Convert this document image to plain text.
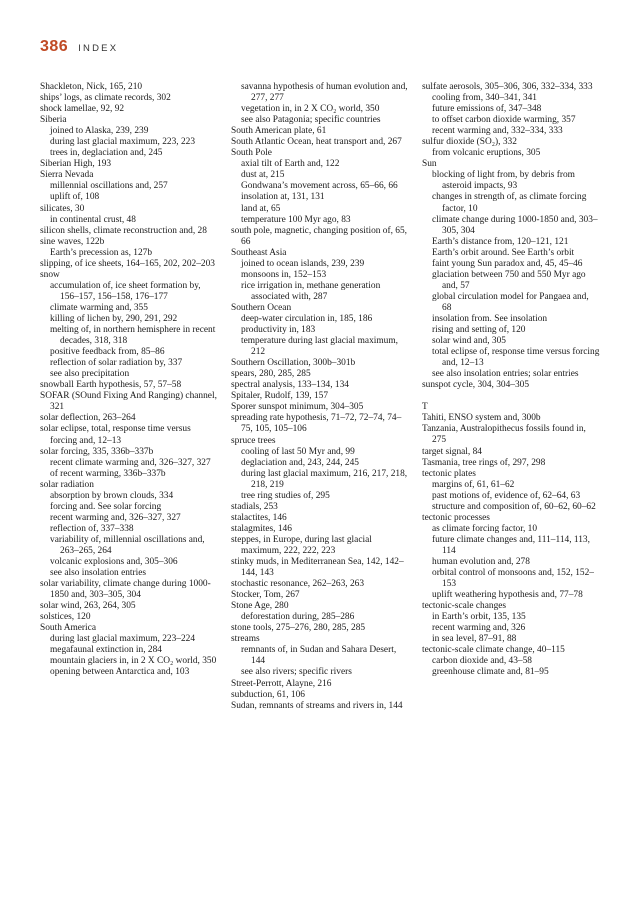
386 INDEX
Shackleton, Nick, 165, 210
ships’ logs, as climate records, 302
shock lamellae, 92, 92
Siberia
joined to Alaska, 239, 239
during last glacial maximum, 223, 223
trees in, deglaciation and, 245
Siberian High, 193
Sierra Nevada
millennial oscillations and, 257
uplift of, 108
silicates, 30
in continental crust, 48
silicon shells, climate reconstruction and, 28
sine waves, 122b
Earth’s precession as, 127b
slipping, of ice sheets, 164–165, 202, 202–203
snow
accumulation of, ice sheet formation by, 156–157, 156–158, 176–177
climate warming and, 355
killing of lichen by, 290, 291, 292
melting of, in northern hemisphere in recent decades, 318, 318
positive feedback from, 85–86
reflection of solar radiation by, 337
see also precipitation
snowball Earth hypothesis, 57, 57–58
SOFAR (SOund Fixing And Ranging) channel, 321
solar deflection, 263–264
solar eclipse, total, response time versus forcing and, 12–13
solar forcing, 335, 336b–337b
recent climate warming and, 326–327, 327
of recent warming, 336b–337b
solar radiation
absorption by brown clouds, 334
forcing and. See solar forcing
recent warming and, 326–327, 327
reflection of, 337–338
variability of, millennial oscillations and, 263–265, 264
volcanic explosions and, 305–306
see also insolation entries
solar variability, climate change during 1000-1850 and, 303–305, 304
solar wind, 263, 264, 305
solstices, 120
South America
during last glacial maximum, 223–224
megafaunal extinction in, 284
mountain glaciers in, in 2 X CO₂ world, 350
opening between Antarctica and, 103
savanna hypothesis of human evolution and, 277, 277
vegetation in, in 2 X CO₂ world, 350
see also Patagonia; specific countries
South American plate, 61
South Atlantic Ocean, heat transport and, 267
South Pole
axial tilt of Earth and, 122
dust at, 215
Gondwana’s movement across, 65–66, 66
insolation at, 131, 131
land at, 65
temperature 100 Myr ago, 83
south pole, magnetic, changing position of, 65, 66
Southeast Asia
joined to ocean islands, 239, 239
monsoons in, 152–153
rice irrigation in, methane generation associated with, 287
Southern Ocean
deep-water circulation in, 185, 186
productivity in, 183
temperature during last glacial maximum, 212
Southern Oscillation, 300b–301b
spears, 280, 285, 285
spectral analysis, 133–134, 134
Spitaler, Rudolf, 139, 157
Sporer sunspot minimum, 304–305
spreading rate hypothesis, 71–72, 72–74, 74–75, 105, 105–106
spruce trees
cooling of last 50 Myr and, 99
deglaciation and, 243, 244, 245
during last glacial maximum, 216, 217, 218, 218, 219
tree ring studies of, 295
stadials, 253
stalactites, 146
stalagmites, 146
steppes, in Europe, during last glacial maximum, 222, 222, 223
stinky muds, in Mediterranean Sea, 142, 142–144, 143
stochastic resonance, 262–263, 263
Stocker, Tom, 267
Stone Age, 280
deforestation during, 285–286
stone tools, 275–276, 280, 285, 285
streams
remnants of, in Sudan and Sahara Desert, 144
see also rivers; specific rivers
Street-Perrott, Alayne, 216
subduction, 61, 106
Sudan, remnants of streams and rivers in, 144
sulfate aerosols, 305–306, 306, 332–334, 333
cooling from, 340–341, 341
future emissions of, 347–348
to offset carbon dioxide warming, 357
recent warming and, 332–334, 333
sulfur dioxide (SO₂), 332
from volcanic eruptions, 305
Sun
blocking of light from, by debris from asteroid impacts, 93
changes in strength of, as climate forcing factor, 10
climate change during 1000-1850 and, 303–305, 304
Earth’s distance from, 120–121, 121
Earth’s orbit around. See Earth’s orbit
faint young Sun paradox and, 45, 45–46
glaciation between 750 and 550 Myr ago and, 57
global circulation model for Pangaea and, 68
insolation from. See insolation
rising and setting of, 120
solar wind and, 305
total eclipse of, response time versus forcing and, 12–13
see also insolation entries; solar entries
sunspot cycle, 304, 304–305
T
Tahiti, ENSO system and, 300b
Tanzania, Australopithecus fossils found in, 275
target signal, 84
Tasmania, tree rings of, 297, 298
tectonic plates
margins of, 61, 61–62
past motions of, evidence of, 62–64, 63
structure and composition of, 60–62, 60–62
tectonic processes
as climate forcing factor, 10
future climate changes and, 111–114, 113, 114
human evolution and, 278
orbital control of monsoons and, 152, 152–153
uplift weathering hypothesis and, 77–78
tectonic-scale changes
in Earth’s orbit, 135, 135
recent warming and, 326
in sea level, 87–91, 88
tectonic-scale climate change, 40–115
carbon dioxide and, 43–58
greenhouse climate and, 81–95
